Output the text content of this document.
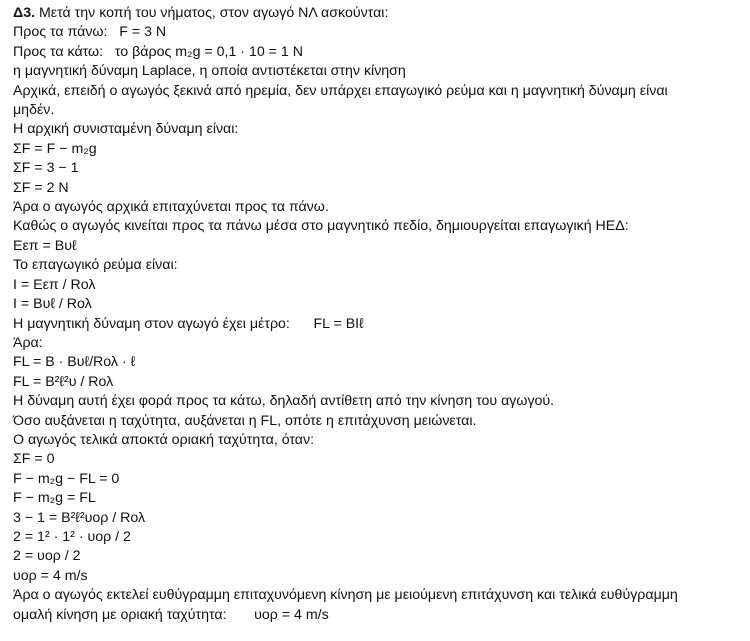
Δ3. Μετά την κοπή του νήματος, στον αγωγό ΝΛ ασκούνται:

Προς τα πάνω:   F = 3 N

Προς τα κάτω:   το βάρος m₂g = 0,1 · 10 = 1 N

η μαγνητική δύναμη Laplace, η οποία αντιστέκεται στην κίνηση

Αρχικά, επειδή ο αγωγός ξεκινά από ηρεμία, δεν υπάρχει επαγωγικό ρεύμα και η μαγνητική δύναμη είναι

μηδέν.

Η αρχική συνισταμένη δύναμη είναι:

ΣF = F − m₂g

ΣF = 3 − 1

ΣF = 2 N

Άρα ο αγωγός αρχικά επιταχύνεται προς τα πάνω.

Καθώς ο αγωγός κινείται προς τα πάνω μέσα στο μαγνητικό πεδίο, δημιουργείται επαγωγική ΗΕΔ:

Εεπ = Bυℓ

Το επαγωγικό ρεύμα είναι:

I = Εεπ / Rολ

I = Bυℓ / Rολ

Η μαγνητική δύναμη στον αγωγό έχει μέτρο:      FL = BIℓ

Άρα:

FL = B · Bυℓ/Rολ · ℓ

FL = B²ℓ²υ / Rολ

Η δύναμη αυτή έχει φορά προς τα κάτω, δηλαδή αντίθετη από την κίνηση του αγωγού.

Όσο αυξάνεται η ταχύτητα, αυξάνεται η FL, οπότε η επιτάχυνση μειώνεται.

Ο αγωγός τελικά αποκτά οριακή ταχύτητα, όταν:

ΣF = 0

F − m₂g − FL = 0

F − m₂g = FL

3 − 1 = B²ℓ²υορ / Rολ

2 = 1² · 1² · υορ / 2

2 = υορ / 2

υορ = 4 m/s

Άρα ο αγωγός εκτελεί ευθύγραμμη επιταχυνόμενη κίνηση με μειούμενη επιτάχυνση και τελικά ευθύγραμμη

ομαλή κίνηση με οριακή ταχύτητα:       υορ = 4 m/s
